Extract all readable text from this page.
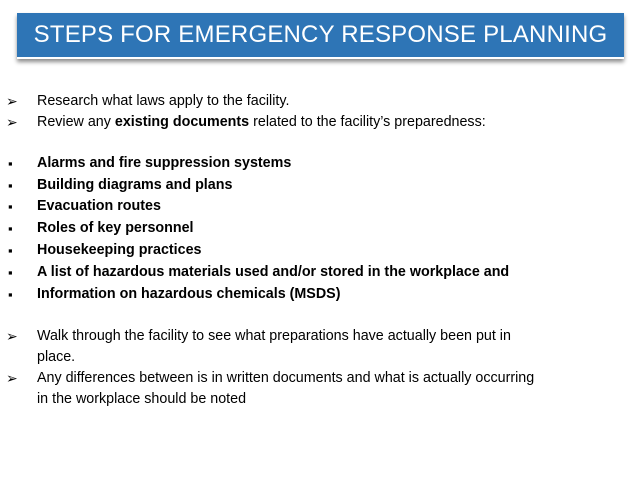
STEPS FOR EMERGENCY RESPONSE PLANNING
➢ Research what laws apply to the facility.
➢ Review any existing documents related to the facility’s preparedness:
▪ Alarms and fire suppression systems
▪ Building diagrams and plans
▪ Evacuation routes
▪ Roles of key personnel
▪ Housekeeping practices
▪ A list of hazardous materials used and/or stored in the workplace and
▪ Information on hazardous chemicals (MSDS)
➢ Walk through the facility to see what preparations have actually been put in
place.
➢ Any differences between is in written documents and what is actually occurring
in the workplace should be noted
